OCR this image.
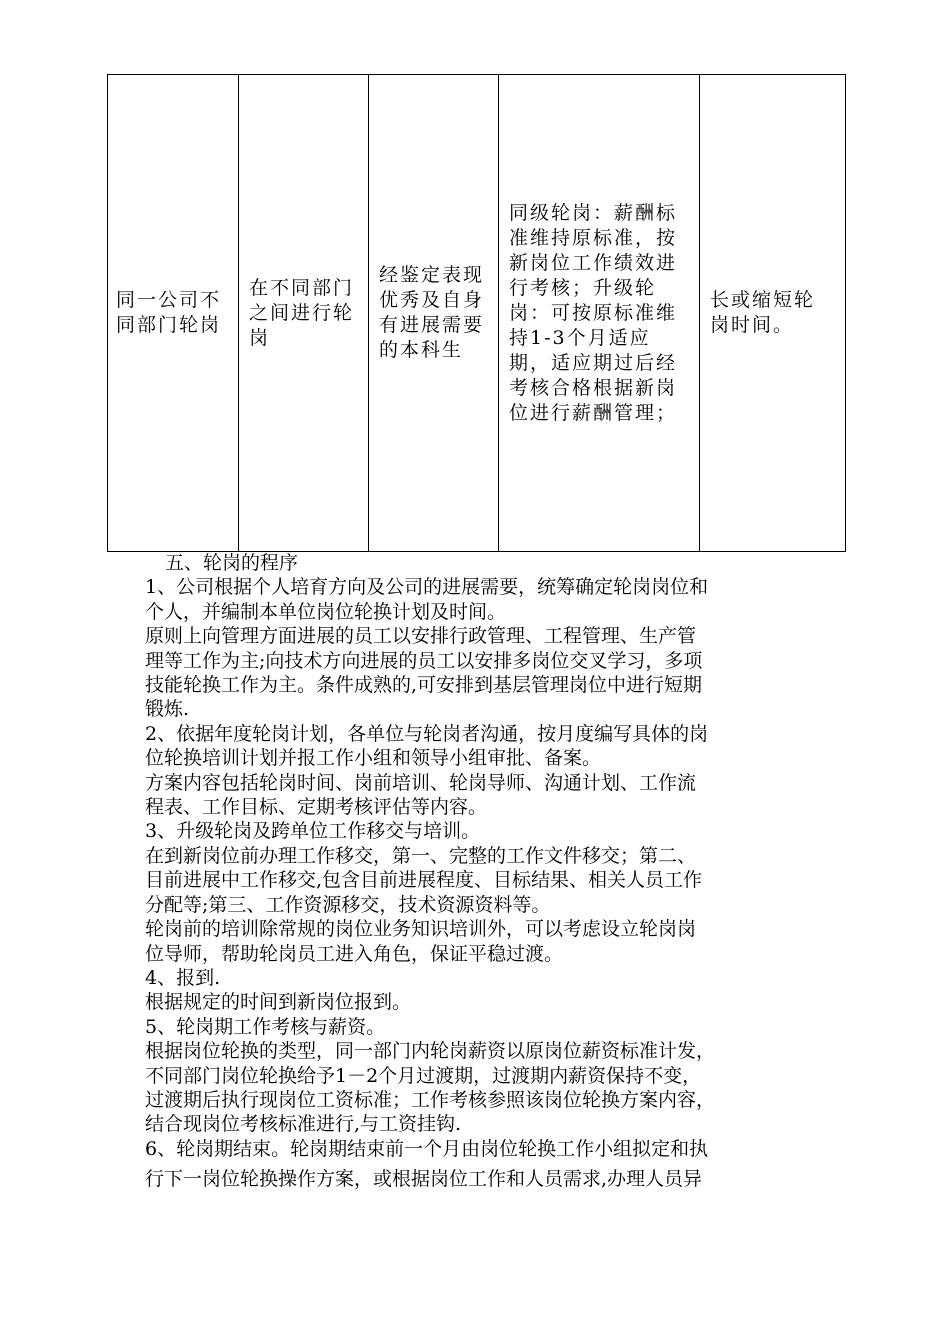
同一公司不同部门轮岗	在不同部门之间进行轮岗	经鉴定表现优秀及自身有进展需要的本科生	同级轮岗：薪酬标准维持原标准，按新岗位工作绩效进行考核；升级轮岗：可按原标准维持1-3个月适应期，适应期过后经考核合格根据新岗位进行薪酬管理；	长或缩短轮岗时间。

五、轮岗的程序

1、公司根据个人培育方向及公司的进展需要，统筹确定轮岗岗位和

个人，并编制本单位岗位轮换计划及时间。

原则上向管理方面进展的员工以安排行政管理、工程管理、生产管

理等工作为主;向技术方向进展的员工以安排多岗位交叉学习，多项

技能轮换工作为主。条件成熟的,可安排到基层管理岗位中进行短期

锻炼.

2、依据年度轮岗计划，各单位与轮岗者沟通，按月度编写具体的岗

位轮换培训计划并报工作小组和领导小组审批、备案。

方案内容包括轮岗时间、岗前培训、轮岗导师、沟通计划、工作流

程表、工作目标、定期考核评估等内容。

3、升级轮岗及跨单位工作移交与培训。

在到新岗位前办理工作移交，第一、完整的工作文件移交；第二、

目前进展中工作移交,包含目前进展程度、目标结果、相关人员工作

分配等;第三、工作资源移交，技术资源资料等。

轮岗前的培训除常规的岗位业务知识培训外，可以考虑设立轮岗岗

位导师，帮助轮岗员工进入角色，保证平稳过渡。

4、报到.

根据规定的时间到新岗位报到。

5、轮岗期工作考核与薪资。

根据岗位轮换的类型，同一部门内轮岗薪资以原岗位薪资标准计发，

不同部门岗位轮换给予1－2个月过渡期，过渡期内薪资保持不变，

过渡期后执行现岗位工资标准；工作考核参照该岗位轮换方案内容，

结合现岗位考核标准进行,与工资挂钩.

6、轮岗期结束。轮岗期结束前一个月由岗位轮换工作小组拟定和执

行下一岗位轮换操作方案，或根据岗位工作和人员需求,办理人员异
